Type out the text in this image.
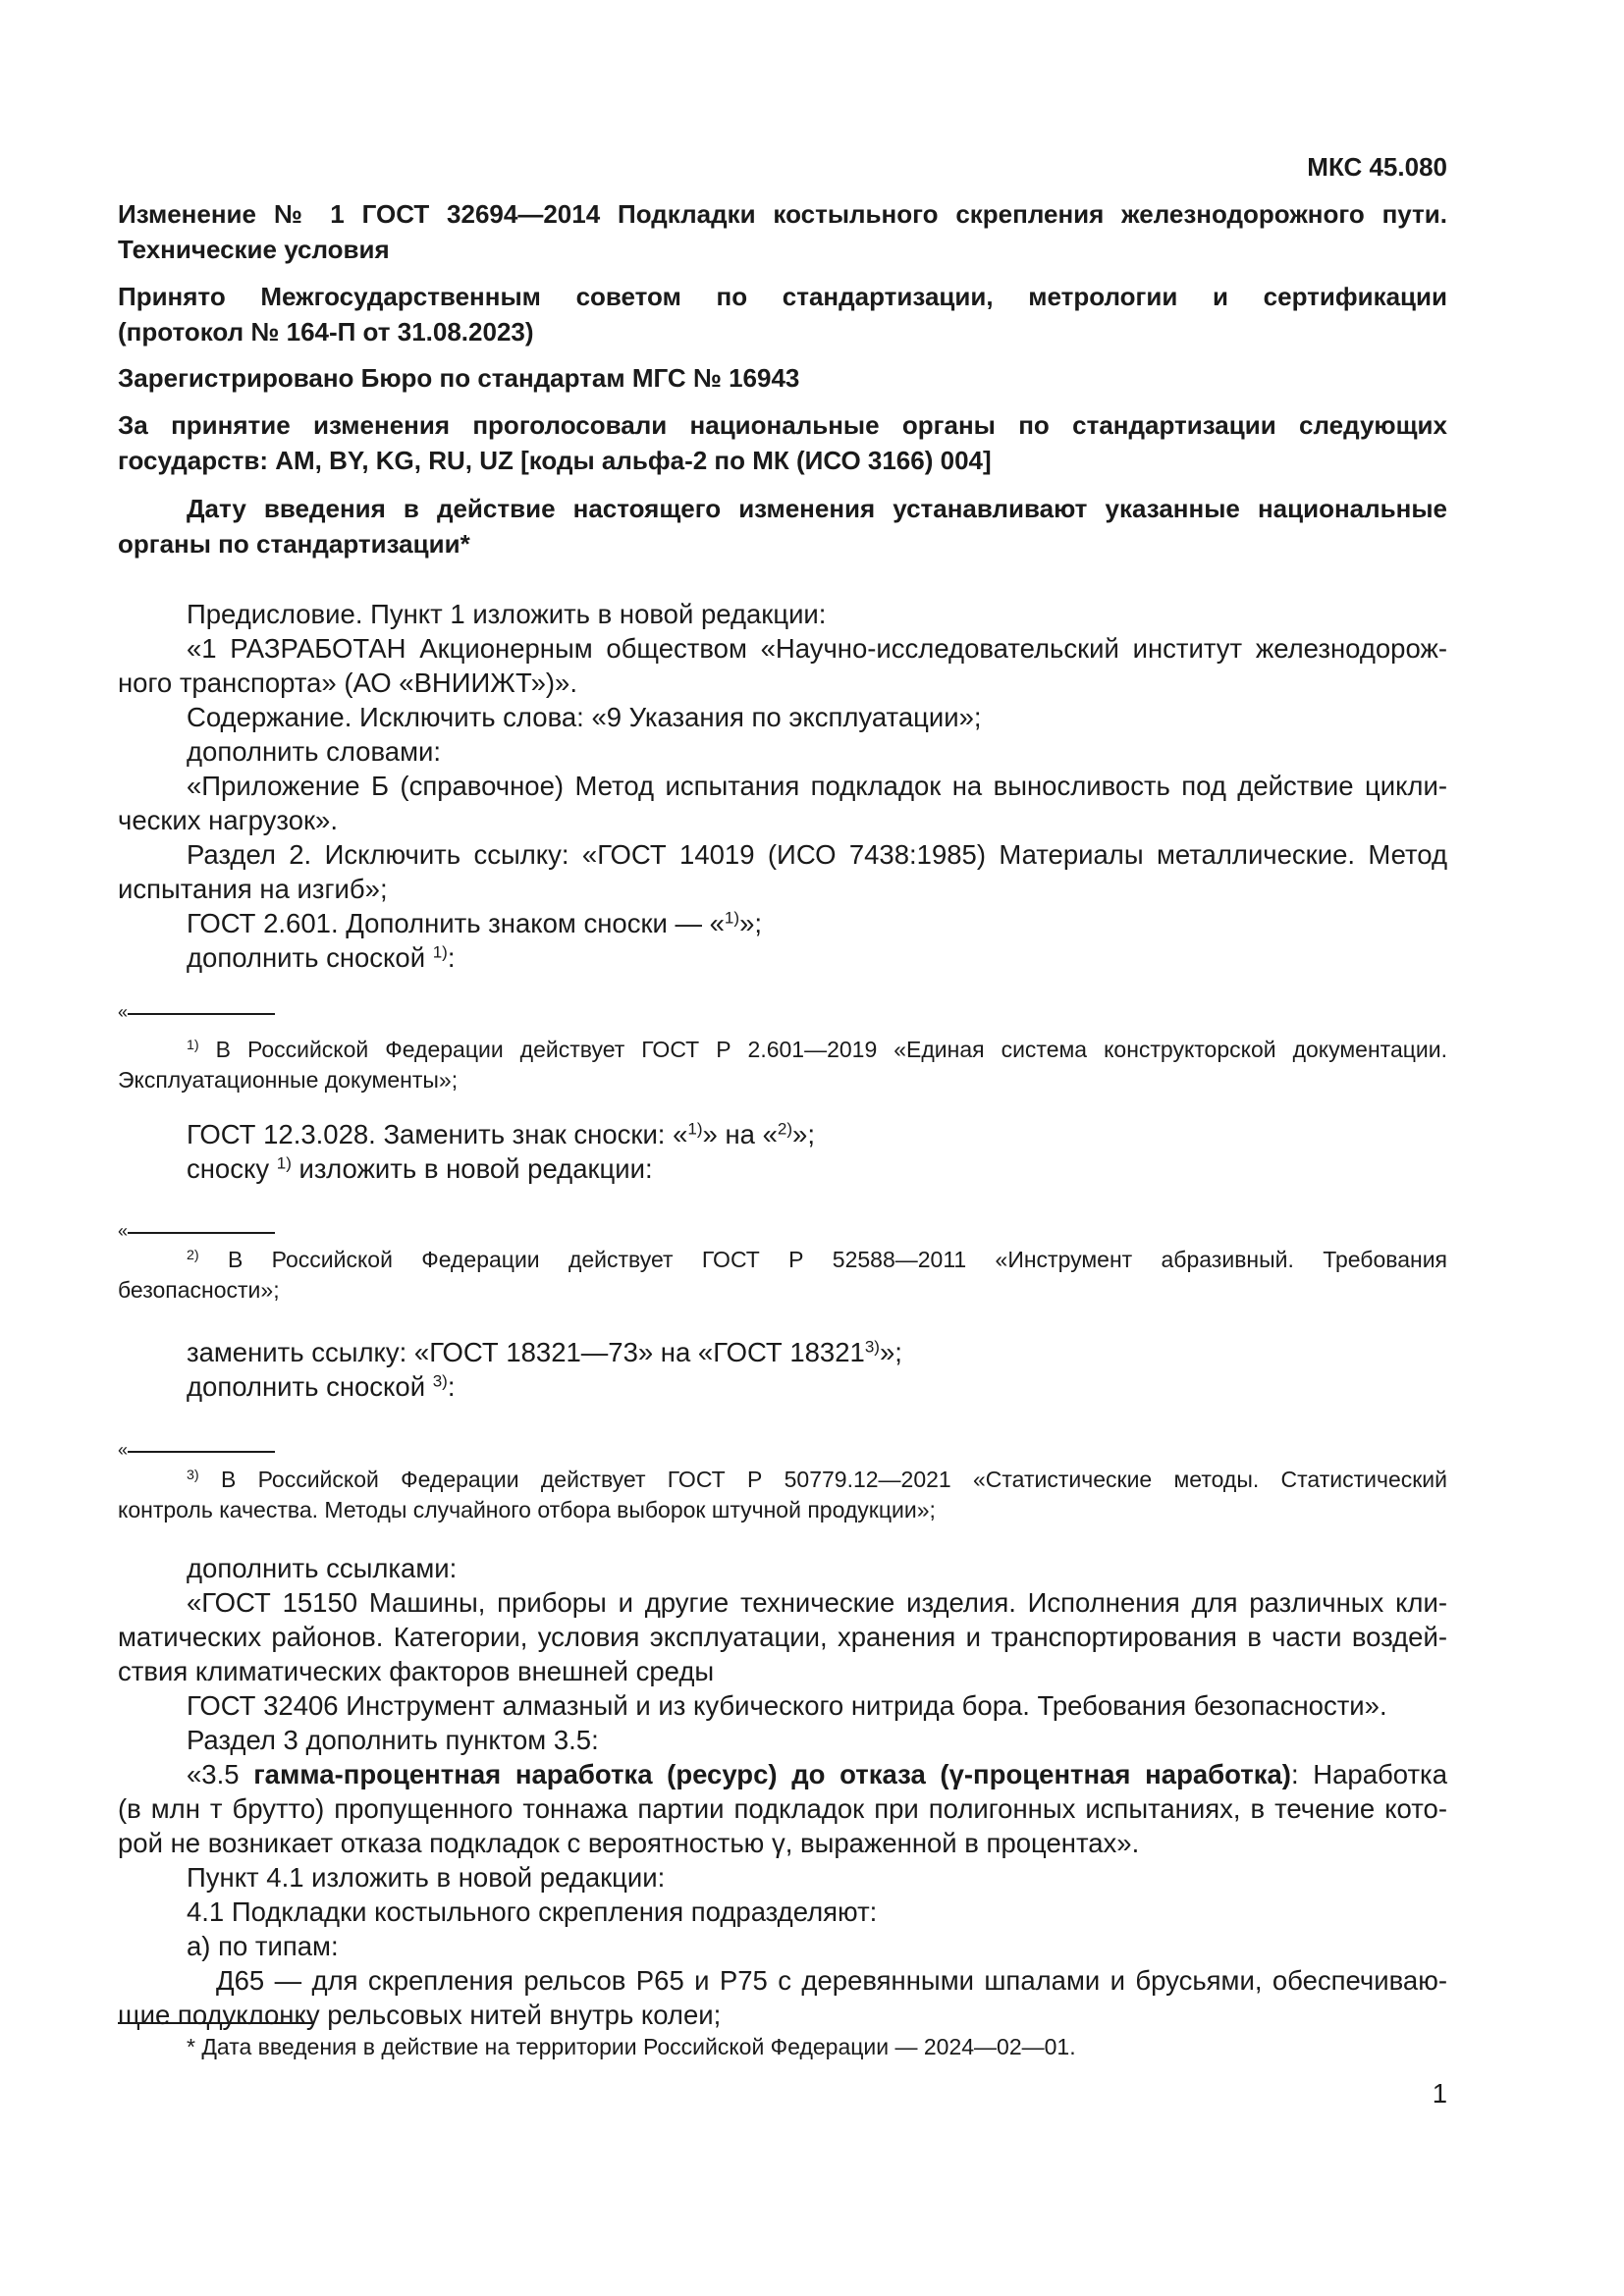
МКС 45.080
Изменение № 1 ГОСТ 32694—2014 Подкладки костыльного скрепления железнодорожного пути.
Технические условия
Принято Межгосударственным советом по стандартизации, метрологии и сертификации
(протокол № 164-П от 31.08.2023)
Зарегистрировано Бюро по стандартам МГС № 16943
За принятие изменения проголосовали национальные органы по стандартизации следующих
государств: AM, BY, KG, RU, UZ [коды альфа-2 по МК (ИСО 3166) 004]
Дату введения в действие настоящего изменения устанавливают указанные национальные
органы по стандартизации*
Предисловие. Пункт 1 изложить в новой редакции:
«1 РАЗРАБОТАН Акционерным обществом «Научно-исследовательский институт железнодорож-
ного транспорта» (АО «ВНИИЖТ»)».
Содержание. Исключить слова: «9 Указания по эксплуатации»;
дополнить словами:
«Приложение Б (справочное) Метод испытания подкладок на выносливость под действие цикли-
ческих нагрузок».
Раздел 2. Исключить ссылку: «ГОСТ 14019 (ИСО 7438:1985) Материалы металлические. Метод
испытания на изгиб»;
ГОСТ 2.601. Дополнить знаком сноски — «$^{1)}$»;
дополнить сноской $^{1)}$:
«
$^{1)}$ В Российской Федерации действует ГОСТ Р 2.601—2019 «Единая система конструкторской документации.
Эксплуатационные документы»;
ГОСТ 12.3.028. Заменить знак сноски: «$^{1)}$» на «$^{2)}$»;
сноску $^{1)}$ изложить в новой редакции:
«
$^{2)}$ В Российской Федерации действует ГОСТ Р 52588—2011 «Инструмент абразивный. Требования
безопасности»;
заменить ссылку: «ГОСТ 18321—73» на «ГОСТ 18321$^{3)}$»;
дополнить сноской $^{3)}$:
«
$^{3)}$ В Российской Федерации действует ГОСТ Р 50779.12—2021 «Статистические методы. Статистический
контроль качества. Методы случайного отбора выборок штучной продукции»;
дополнить ссылками:
«ГОСТ 15150 Машины, приборы и другие технические изделия. Исполнения для различных кли-
матических районов. Категории, условия эксплуатации, хранения и транспортирования в части воздей-
ствия климатических факторов внешней среды
ГОСТ 32406 Инструмент алмазный и из кубического нитрида бора. Требования безопасности».
Раздел 3 дополнить пунктом 3.5:
«3.5 гамма-процентная наработка (ресурс) до отказа (γ-процентная наработка): Наработка
(в млн т брутто) пропущенного тоннажа партии подкладок при полигонных испытаниях, в течение кото-
рой не возникает отказа подкладок с вероятностью γ, выраженной в процентах».
Пункт 4.1 изложить в новой редакции:
4.1 Подкладки костыльного скрепления подразделяют:
а) по типам:
Д65 — для скрепления рельсов Р65 и Р75 с деревянными шпалами и брусьями, обеспечиваю-
щие подуклонку рельсовых нитей внутрь колеи;
* Дата введения в действие на территории Российской Федерации — 2024—02—01.
1
